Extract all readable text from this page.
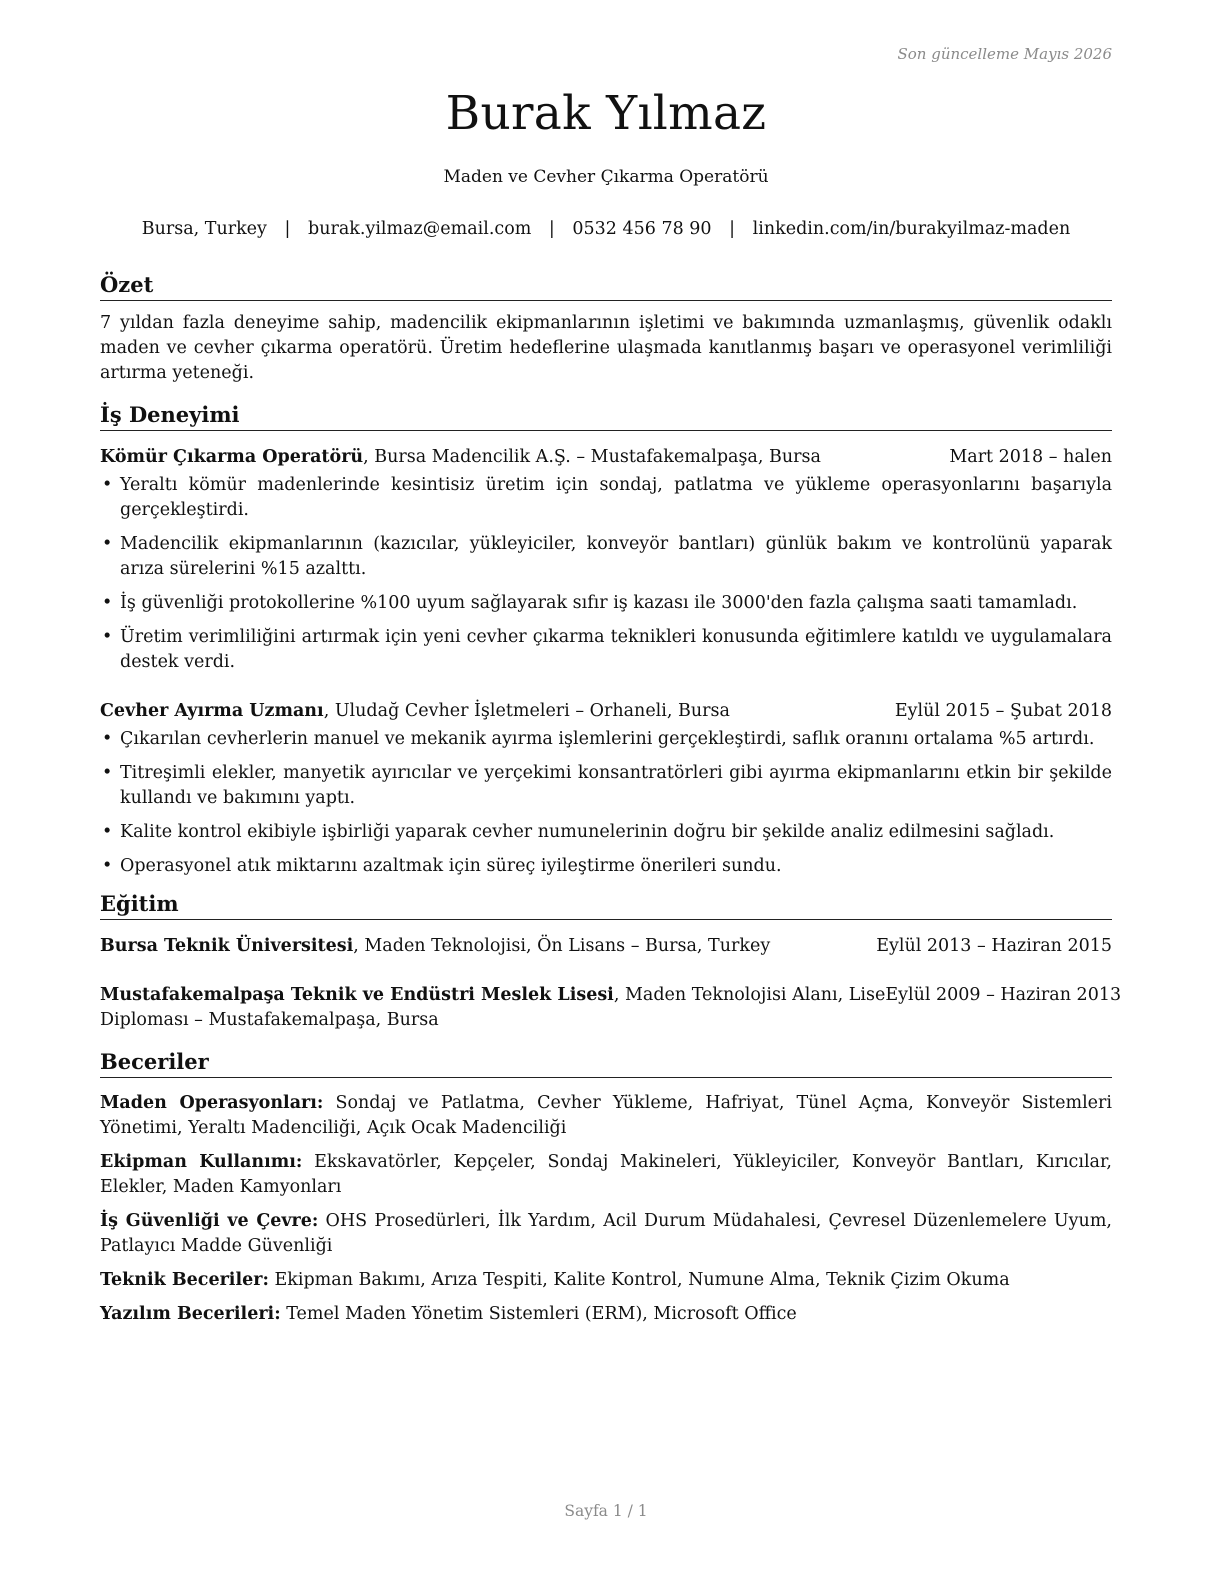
Son güncelleme Mayıs 2026
Burak Yılmaz
Maden ve Cevher Çıkarma Operatörü
Bursa, Turkey | burak.yilmaz@email.com | 0532 456 78 90 | linkedin.com/in/burakyilmaz-maden
Özet

7 yıldan fazla deneyime sahip, madencilik ekipmanlarının işletimi ve bakımında uzmanlaşmış, güvenlik odaklı maden ve cevher çıkarma operatörü. Üretim hedeflerine ulaşmada kanıtlanmış başarı ve operasyonel verimliliği artırma yeteneği.

İş Deneyimi
Kömür Çıkarma Operatörü, Bursa Madencilik A.Ş. – Mustafakemalpaşa, Bursa	Mart 2018 – halen
• Yeraltı kömür madenlerinde kesintisiz üretim için sondaj, patlatma ve yükleme operasyonlarını başarıyla gerçekleştirdi.
• Madencilik ekipmanlarının (kazıcılar, yükleyiciler, konveyör bantları) günlük bakım ve kontrolünü yaparak arıza sürelerini %15 azalttı.
• İş güvenliği protokollerine %100 uyum sağlayarak sıfır iş kazası ile 3000'den fazla çalışma saati tamamladı.
• Üretim verimliliğini artırmak için yeni cevher çıkarma teknikleri konusunda eğitimlere katıldı ve uygulamalara destek verdi.
Cevher Ayırma Uzmanı, Uludağ Cevher İşletmeleri – Orhaneli, Bursa	Eylül 2015 – Şubat 2018
• Çıkarılan cevherlerin manuel ve mekanik ayırma işlemlerini gerçekleştirdi, saflık oranını ortalama %5 artırdı.
• Titreşimli elekler, manyetik ayırıcılar ve yerçekimi konsantratörleri gibi ayırma ekipmanlarını etkin bir şekilde kullandı ve bakımını yaptı.
• Kalite kontrol ekibiyle işbirliği yaparak cevher numunelerinin doğru bir şekilde analiz edilmesini sağladı.
• Operasyonel atık miktarını azaltmak için süreç iyileştirme önerileri sundu.
Eğitim
Bursa Teknik Üniversitesi, Maden Teknolojisi, Ön Lisans – Bursa, Turkey	Eylül 2013 – Haziran 2015
Mustafakemalpaşa Teknik ve Endüstri Meslek Lisesi, Maden Teknolojisi Alanı, Lise Eylül 2009 – Haziran 2013
Diploması – Mustafakemalpaşa, Bursa
Beceriler
Maden Operasyonları: Sondaj ve Patlatma, Cevher Yükleme, Hafriyat, Tünel Açma, Konveyör Sistemleri Yönetimi, Yeraltı Madenciliği, Açık Ocak Madenciliği
Ekipman Kullanımı: Ekskavatörler, Kepçeler, Sondaj Makineleri, Yükleyiciler, Konveyör Bantları, Kırıcılar, Elekler, Maden Kamyonları
İş Güvenliği ve Çevre: OHS Prosedürleri, İlk Yardım, Acil Durum Müdahalesi, Çevresel Düzenlemelere Uyum, Patlayıcı Madde Güvenliği
Teknik Beceriler: Ekipman Bakımı, Arıza Tespiti, Kalite Kontrol, Numune Alma, Teknik Çizim Okuma
Yazılım Becerileri: Temel Maden Yönetim Sistemleri (ERM), Microsoft Office
Sayfa 1 / 1
